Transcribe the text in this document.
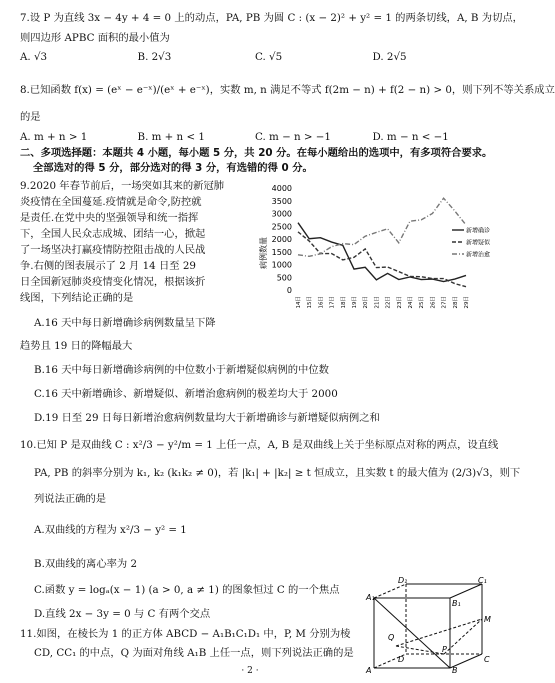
7.设 P 为直线 3x − 4y + 4 = 0 上的动点，PA, PB 为圆 C : (x − 2)² + y² = 1 的两条切线，A, B 为切点，
则四边形 APBC 面积的最小值为
A. √3	B. 2√3	C. √5	D. 2√5
8.已知函数 f(x) = (eˣ − e⁻ˣ)/(eˣ + e⁻ˣ)，实数 m, n 满足不等式 f(2m − n) + f(2 − n) > 0，则下列不等关系成立
的是
A. m + n > 1	B. m + n < 1	C. m − n > −1	D. m − n < −1
二、多项选择题：本题共 4 小题，每小题 5 分，共 20 分。在每小题给出的选项中，有多项符合要求。
全部选对的得 5 分，部分选对的得 3 分，有选错的得 0 分。
9.2020 年春节前后，一场突如其来的新冠肺
炎疫情在全国蔓延.疫情就是命令,防控就
是责任.在党中央的坚强领导和统一指挥
下，全国人民众志成城、团结一心，掀起
了一场坚决打赢疫情防控阻击战的人民战
争.右侧的图表展示了 2 月 14 日至 29
日全国新冠肺炎疫情变化情况，根据该折
线图，下列结论正确的是
病例数量
4000
3500
3000
2500
2000
1500
1000
500
0
14日 15日 16日 17日 18日 19日 20日 21日 22日 23日 24日 25日 26日 27日 28日 29日
新增确诊
新增疑似
新增治愈
A.16 天中每日新增确诊病例数量呈下降
趋势且 19 日的降幅最大
B.16 天中每日新增确诊病例的中位数小于新增疑似病例的中位数
C.16 天中新增确诊、新增疑似、新增治愈病例的极差均大于 2000
D.19 日至 29 日每日新增治愈病例数量均大于新增确诊与新增疑似病例之和
10.已知 P 是双曲线 C : x²/3 − y²/m = 1 上任一点，A, B 是双曲线上关于坐标原点对称的两点，设直线
PA, PB 的斜率分别为 k₁, k₂ (k₁k₂ ≠ 0)，若 |k₁| + |k₂| ≥ t 恒成立，且实数 t 的最大值为 (2/3)√3，则下
列说法正确的是
A.双曲线的方程为 x²/3 − y² = 1
B.双曲线的离心率为 2
C.函数 y = logₐ(x − 1) (a > 0, a ≠ 1) 的图象恒过 C 的一个焦点
D.直线 2x − 3y = 0 与 C 有两个交点
11.如图，在棱长为 1 的正方体 ABCD − A₁B₁C₁D₁ 中，P, M 分别为棱
CD, CC₁ 的中点，Q 为面对角线 A₁B 上任一点，则下列说法正确的是
D₁	C₁
A₁
B₁
M
Q
P
D
A	B
C
· 2 ·
